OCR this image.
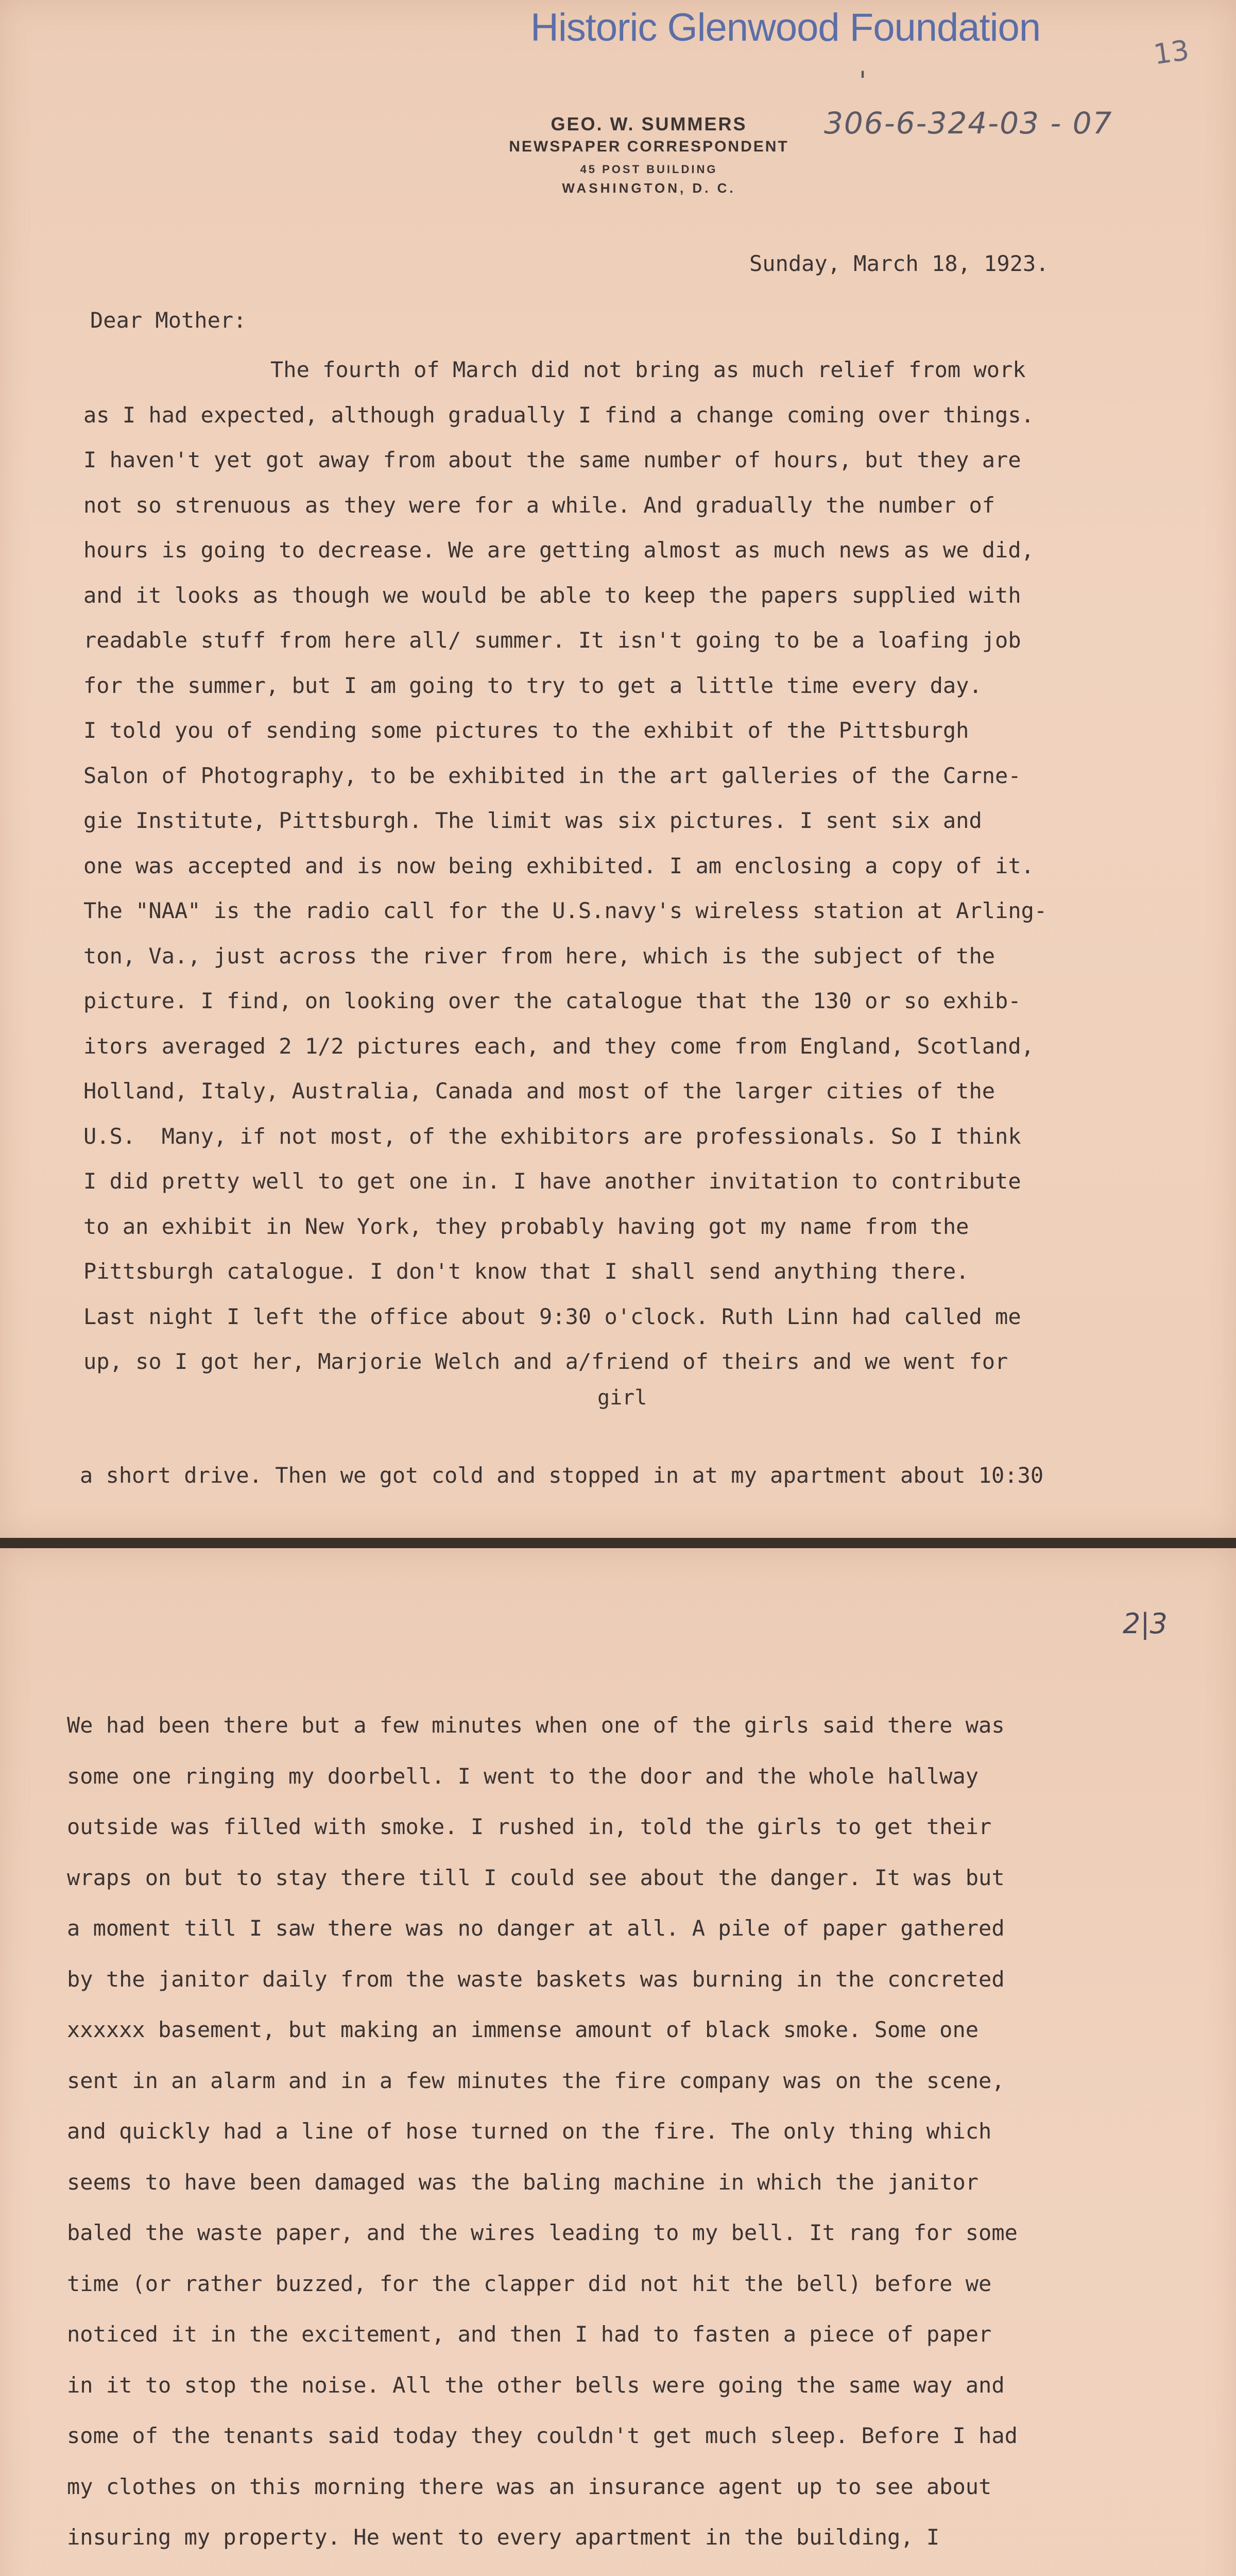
Historic Glenwood Foundation
13
'
306-6-324-03 - 07
GEO. W. SUMMERS
NEWSPAPER CORRESPONDENT
45 POST BUILDING
WASHINGTON, D. C.
Sunday, March 18, 1923.
Dear Mother:
The fourth of March did not bring as much relief from work
as I had expected, although gradually I find a change coming over things.
I haven't yet got away from about the same number of hours, but they are
not so strenuous as they were for a while. And gradually the number of
hours is going to decrease. We are getting almost as much news as we did,
and it looks as though we would be able to keep the papers supplied with
readable stuff from here all/ summer. It isn't going to be a loafing job
for the summer, but I am going to try to get a little time every day.
I told you of sending some pictures to the exhibit of the Pittsburgh
Salon of Photography, to be exhibited in the art galleries of the Carne-
gie Institute, Pittsburgh. The limit was six pictures. I sent six and
one was accepted and is now being exhibited. I am enclosing a copy of it.
The "NAA" is the radio call for the U.S.navy's wireless station at Arling-
ton, Va., just across the river from here, which is the subject of the
picture. I find, on looking over the catalogue that the 130 or so exhib-
itors averaged 2 1/2 pictures each, and they come from England, Scotland,
Holland, Italy, Australia, Canada and most of the larger cities of the
U.S.  Many, if not most, of the exhibitors are professionals. So I think
I did pretty well to get one in. I have another invitation to contribute
to an exhibit in New York, they probably having got my name from the
Pittsburgh catalogue. I don't know that I shall send anything there.
Last night I left the office about 9:30 o'clock. Ruth Linn had called me
up, so I got her, Marjorie Welch and a/friend of theirs and we went for
a short drive. Then we got cold and stopped in at my apartment about 10:30
girl
2|3
We had been there but a few minutes when one of the girls said there was
some one ringing my doorbell. I went to the door and the whole hallway
outside was filled with smoke. I rushed in, told the girls to get their
wraps on but to stay there till I could see about the danger. It was but
a moment till I saw there was no danger at all. A pile of paper gathered
by the janitor daily from the waste baskets was burning in the concreted
xxxxxx basement, but making an immense amount of black smoke. Some one
sent in an alarm and in a few minutes the fire company was on the scene,
and quickly had a line of hose turned on the fire. The only thing which
seems to have been damaged was the baling machine in which the janitor
baled the waste paper, and the wires leading to my bell. It rang for some
time (or rather buzzed, for the clapper did not hit the bell) before we
noticed it in the excitement, and then I had to fasten a piece of paper
in it to stop the noise. All the other bells were going the same way and
some of the tenants said today they couldn't get much sleep. Before I had
my clothes on this morning there was an insurance agent up to see about
insuring my property. He went to every apartment in the building, I
